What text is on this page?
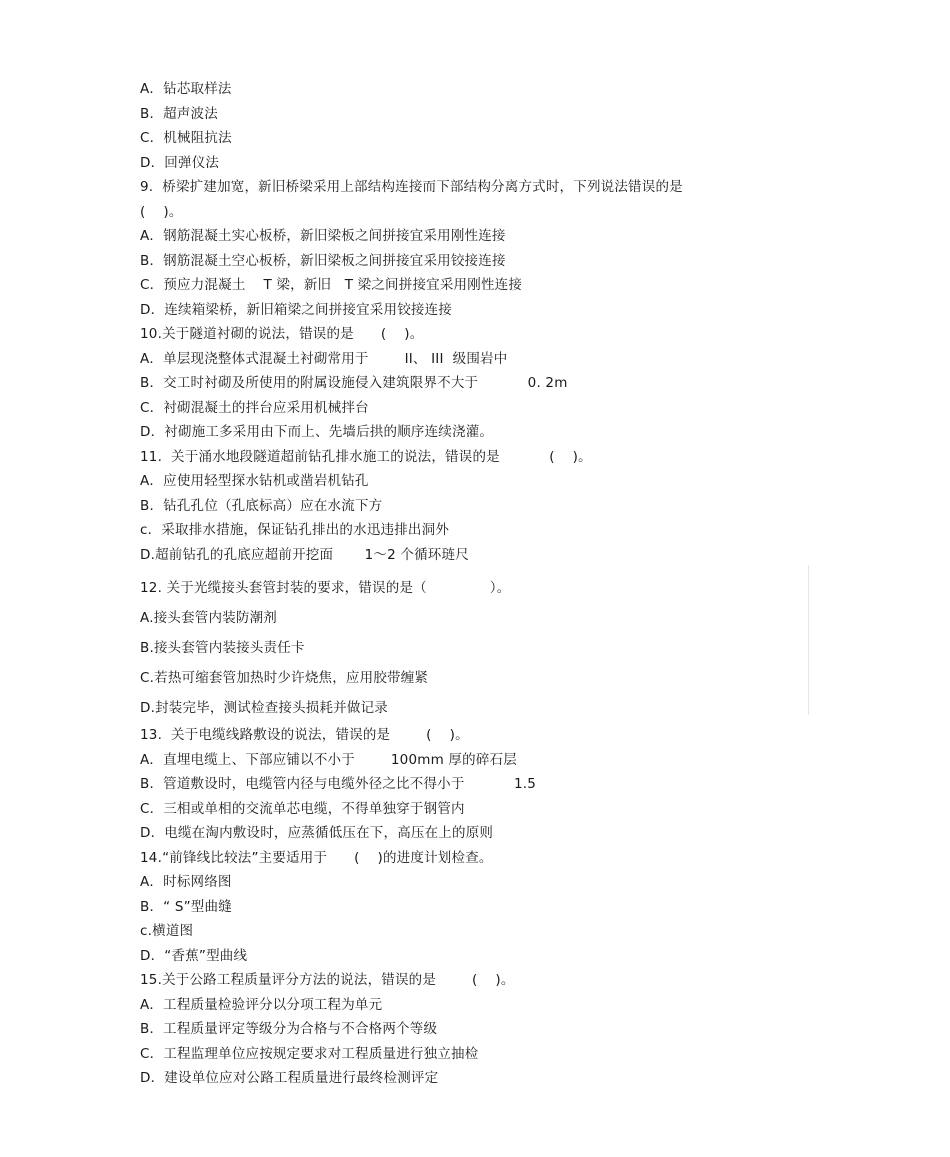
A．钻芯取样法
B．超声波法
C．机械阻抗法
D．回弹仪法
9.  桥梁扩建加宽，新旧桥梁采用上部结构连接而下部结构分离方式时，下列说法错误的是
(    )。
A．钢筋混凝土实心板桥，新旧梁板之间拼接宜采用刚性连接
B．钢筋混凝土空心板桥，新旧梁板之间拼接宜采用铰接连接
C．预应力混凝土    T 梁，新旧   T 梁之间拼接宜采用刚性连接
D．连续箱梁桥，新旧箱梁之间拼接宜采用铰接连接
10.关于隧道衬砌的说法，错误的是      (    )。
A．单层现浇整体式混凝土衬砌常用于        II、 III  级围岩中
B．交工时衬砌及所使用的附属设施侵入建筑限界不大于           0. 2m
C．衬砌混凝土的拌台应采用机械拌台
D．衬砌施工多采用由下而上、先墙后拱的顺序连续浇灌。
11.  关于涌水地段隧道超前钻孔排水施工的说法，错误的是           (    )。
A．应使用轻型探水钻机或凿岩机钻孔
B．钻孔孔位（孔底标高）应在水流下方
c．采取排水措施，保证钻孔排出的水迅违排出洞外
D.超前钻孔的孔底应超前开挖面       1～2 个循环琏尺
12. 关于光缆接头套管封装的要求，错误的是（              ）。
A.接头套管内装防潮剂
B.接头套管内装接头责任卡
C.若热可缩套管加热时少许烧焦，应用胶带缠紧
D.封装完毕，测试检查接头损耗并做记录
13.  关于电缆线路敷设的说法，错误的是        (    )。
A．直埋电缆上、下部应铺以不小于        100mm 厚的碎石层
B．管道敷设时，电缆管内径与电缆外径之比不得小于           1.5
C．三相或单相的交流单芯电缆，不得单独穿于钢管内
D．电缆在淘内敷设时，应蒸循低压在下，高压在上的原则
14.“前锋线比较法”主要适用于      (    )的进度计划检查。
A．时标网络图
B．“ S”型曲缝
c.横道图
D．“香蕉”型曲线
15.关于公路工程质量评分方法的说法，错误的是        (    )。
A．工程质量检验评分以分项工程为单元
B．工程质量评定等级分为合格与不合格两个等级
C．工程监理单位应按规定要求对工程质量进行独立抽检
D．建设单位应对公路工程质量进行最终检测评定
